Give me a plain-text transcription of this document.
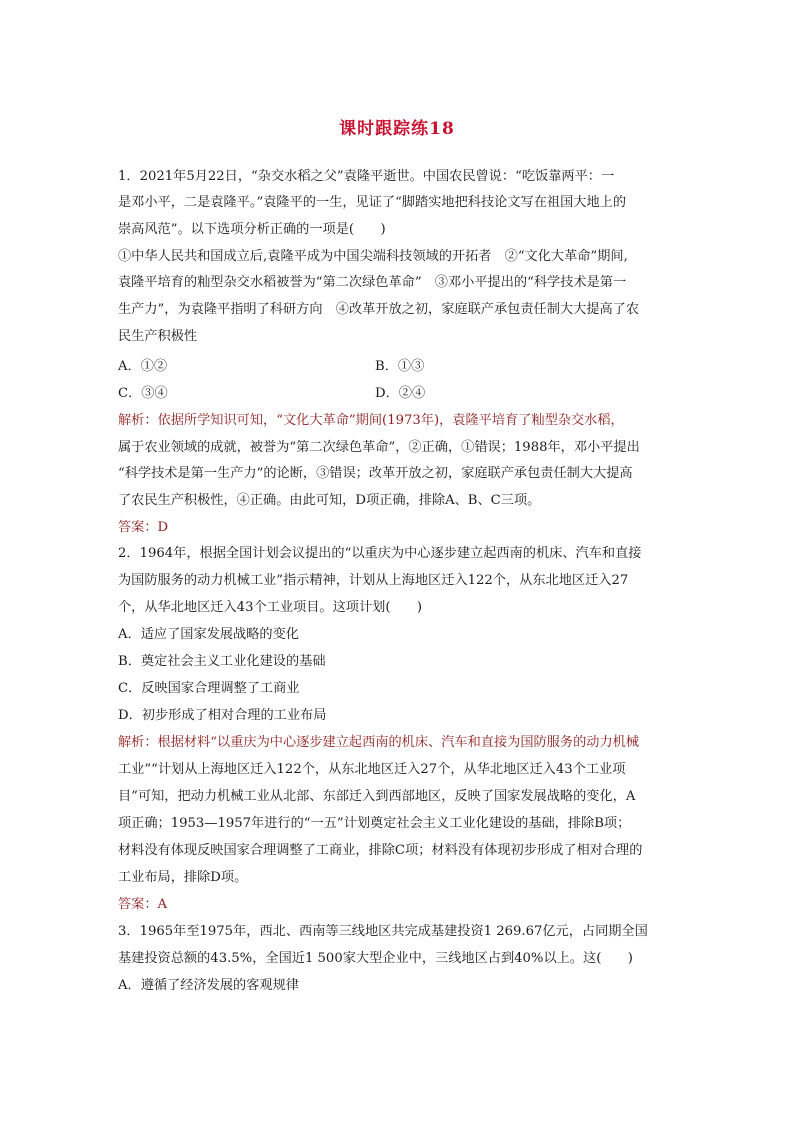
课时跟踪练18
1．2021年5月22日，“杂交水稻之父”袁隆平逝世。中国农民曾说：“吃饭靠两平：一
是邓小平，二是袁隆平。”袁隆平的一生，见证了“脚踏实地把科技论文写在祖国大地上的
崇高风范”。以下选项分析正确的一项是(　　)
①中华人民共和国成立后,袁隆平成为中国尖端科技领域的开拓者　②“文化大革命”期间,
袁隆平培育的籼型杂交水稻被誉为“第二次绿色革命”　③邓小平提出的“科学技术是第一
生产力”，为袁隆平指明了科研方向　④改革开放之初，家庭联产承包责任制大大提高了农
民生产积极性
A．①②	B．①③
C．③④	D．②④
解析：依据所学知识可知，“文化大革命”期间(1973年)，袁隆平培育了籼型杂交水稻，
属于农业领域的成就，被誉为“第二次绿色革命”，②正确，①错误；1988年，邓小平提出
“科学技术是第一生产力”的论断，③错误；改革开放之初，家庭联产承包责任制大大提高
了农民生产积极性，④正确。由此可知，D项正确，排除A、B、C三项。
答案：D
2．1964年，根据全国计划会议提出的“以重庆为中心逐步建立起西南的机床、汽车和直接
为国防服务的动力机械工业”指示精神，计划从上海地区迁入122个，从东北地区迁入27
个，从华北地区迁入43个工业项目。这项计划(　　)
A．适应了国家发展战略的变化
B．奠定社会主义工业化建设的基础
C．反映国家合理调整了工商业
D．初步形成了相对合理的工业布局
解析：根据材料“以重庆为中心逐步建立起西南的机床、汽车和直接为国防服务的动力机械
工业”“计划从上海地区迁入122个，从东北地区迁入27个，从华北地区迁入43个工业项
目”可知，把动力机械工业从北部、东部迁入到西部地区，反映了国家发展战略的变化，A
项正确；1953—1957年进行的“一五”计划奠定社会主义工业化建设的基础，排除B项；
材料没有体现反映国家合理调整了工商业，排除C项；材料没有体现初步形成了相对合理的
工业布局，排除D项。
答案：A
3．1965年至1975年，西北、西南等三线地区共完成基建投资1 269.67亿元，占同期全国
基建投资总额的43.5%，全国近1 500家大型企业中，三线地区占到40%以上。这(　　)
A．遵循了经济发展的客观规律
